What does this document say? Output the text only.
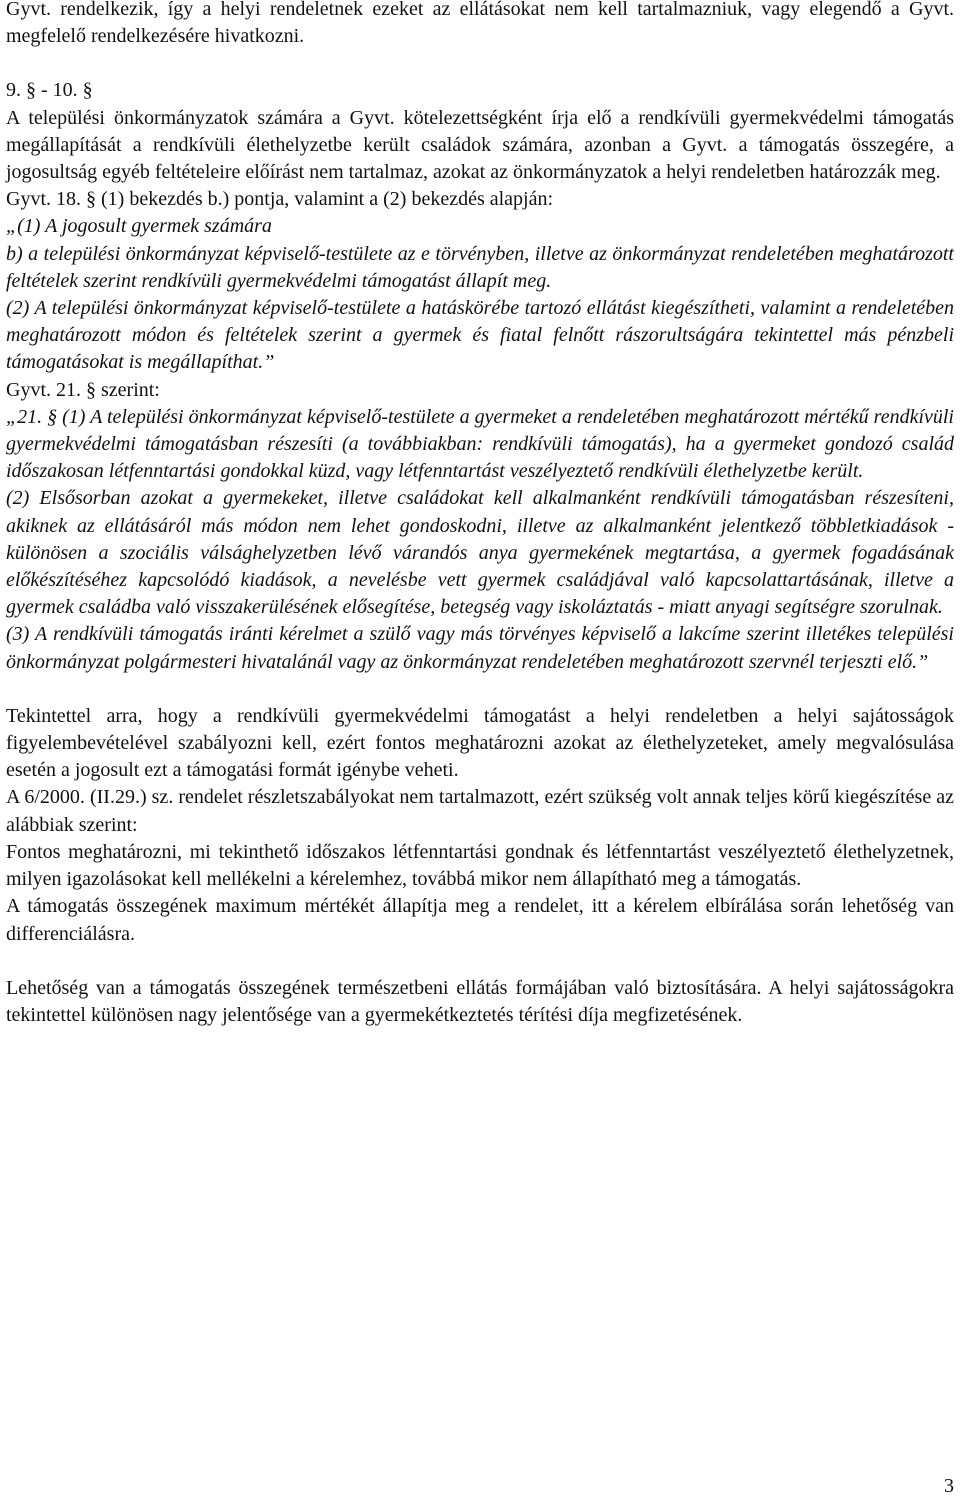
Gyvt. rendelkezik, így a helyi rendeletnek ezeket az ellátásokat nem kell tartalmazniuk, vagy elegendő a Gyvt. megfelelő rendelkezésére hivatkozni.

9. § - 10. §

A települési önkormányzatok számára a Gyvt. kötelezettségként írja elő a rendkívüli gyermekvédelmi támogatás megállapítását a rendkívüli élethelyzetbe került családok számára, azonban a Gyvt. a támogatás összegére, a jogosultság egyéb feltételeire előírást nem tartalmaz, azokat az önkormányzatok a helyi rendeletben határozzák meg.

Gyvt. 18. § (1) bekezdés b.) pontja, valamint a (2) bekezdés alapján:

„(1) A jogosult gyermek számára

b) a települési önkormányzat képviselő-testülete az e törvényben, illetve az önkormányzat rendeletében meghatározott feltételek szerint rendkívüli gyermekvédelmi támogatást állapít meg.

(2) A települési önkormányzat képviselő-testülete a hatáskörébe tartozó ellátást kiegészítheti, valamint a rendeletében meghatározott módon és feltételek szerint a gyermek és fiatal felnőtt rászorultságára tekintettel más pénzbeli támogatásokat is megállapíthat.”

Gyvt. 21. § szerint:

„21. § (1) A települési önkormányzat képviselő-testülete a gyermeket a rendeletében meghatározott mértékű rendkívüli gyermekvédelmi támogatásban részesíti (a továbbiakban: rendkívüli támogatás), ha a gyermeket gondozó család időszakosan létfenntartási gondokkal küzd, vagy létfenntartást veszélyeztető rendkívüli élethelyzetbe került.

(2) Elsősorban azokat a gyermekeket, illetve családokat kell alkalmanként rendkívüli támogatásban részesíteni, akiknek az ellátásáról más módon nem lehet gondoskodni, illetve az alkalmanként jelentkező többletkiadások - különösen a szociális válsághelyzetben lévő várandós anya gyermekének megtartása, a gyermek fogadásának előkészítéséhez kapcsolódó kiadások, a nevelésbe vett gyermek családjával való kapcsolattartásának, illetve a gyermek családba való visszakerülésének elősegítése, betegség vagy iskoláztatás - miatt anyagi segítségre szorulnak.

(3) A rendkívüli támogatás iránti kérelmet a szülő vagy más törvényes képviselő a lakcíme szerint illetékes települési önkormányzat polgármesteri hivatalánál vagy az önkormányzat rendeletében meghatározott szervnél terjeszti elő.”

Tekintettel arra, hogy a rendkívüli gyermekvédelmi támogatást a helyi rendeletben a helyi sajátosságok figyelembevételével szabályozni kell, ezért fontos meghatározni azokat az élethelyzeteket, amely megvalósulása esetén a jogosult ezt a támogatási formát igénybe veheti.

A 6/2000. (II.29.) sz. rendelet részletszabályokat nem tartalmazott, ezért szükség volt annak teljes körű kiegészítése az alábbiak szerint:

Fontos meghatározni, mi tekinthető időszakos létfenntartási gondnak és létfenntartást veszélyeztető élethelyzetnek, milyen igazolásokat kell mellékelni a kérelemhez, továbbá mikor nem állapítható meg a támogatás.

A támogatás összegének maximum mértékét állapítja meg a rendelet, itt a kérelem elbírálása során lehetőség van differenciálásra.

Lehetőség van a támogatás összegének természetbeni ellátás formájában való biztosítására. A helyi sajátosságokra tekintettel különösen nagy jelentősége van a gyermekétkeztetés térítési díja megfizetésének.

3
